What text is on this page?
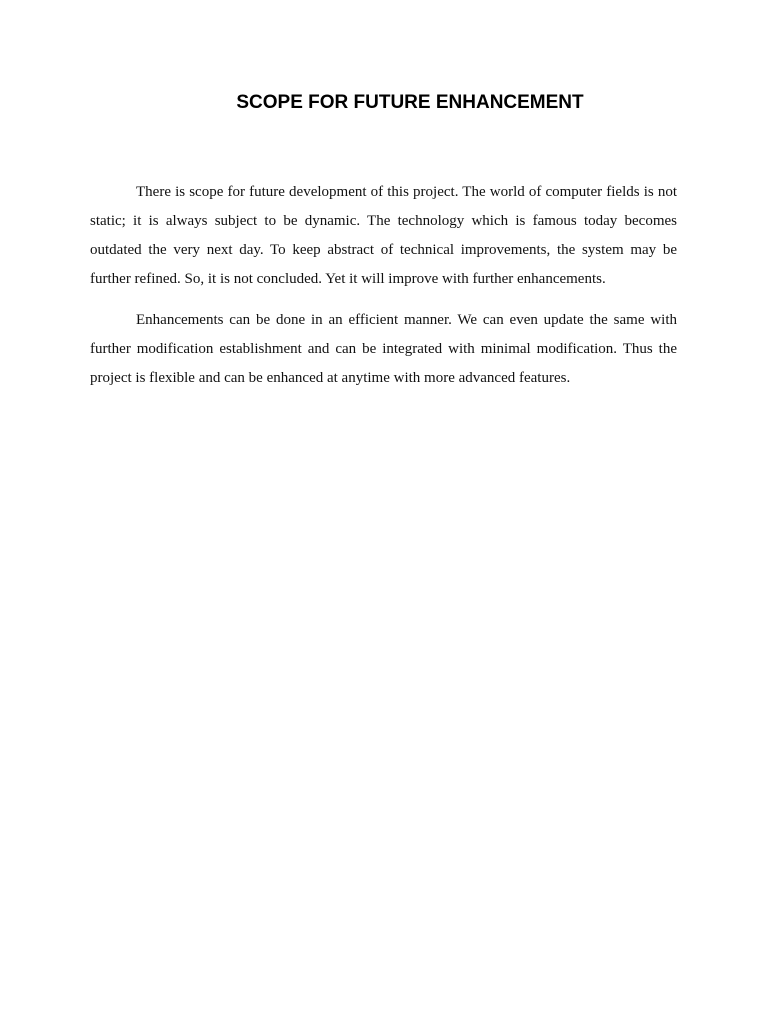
SCOPE FOR FUTURE ENHANCEMENT

There is scope for future development of this project. The world of computer fields is not static; it is always subject to be dynamic. The technology which is famous today becomes outdated the very next day. To keep abstract of technical improvements, the system may be further refined. So, it is not concluded. Yet it will improve with further enhancements.

Enhancements can be done in an efficient manner. We can even update the same with further modification establishment and can be integrated with minimal modification. Thus the project is flexible and can be enhanced at anytime with more advanced features.
